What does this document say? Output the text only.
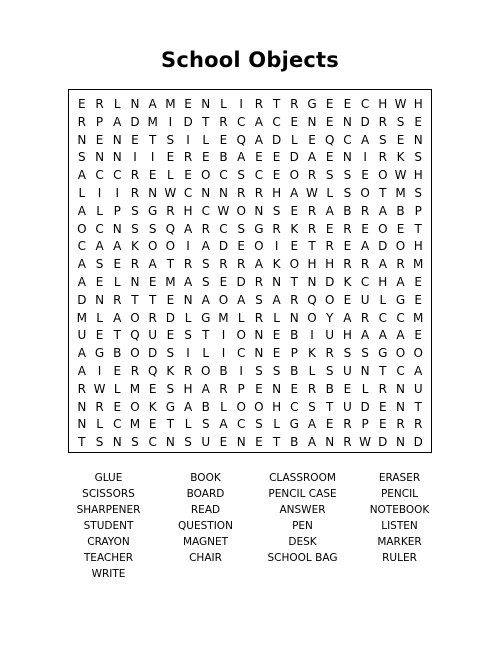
School Objects
E R L N A M E N L	I R T R G E E C H W H
R P A D M I D T R C A C E N E N D R S E
N E N E T S	I	L E Q A D L E Q C A S E N
S N N I	I	E R E B A E E D A E N I R K S
A C C R E L E O C S C E O R S S E O W H
L	I	I R N W C N N R R H A W L S O T M S
A L P S G R H C W O N S E R A B R A B P
O C N S S Q A R C S G R K R E R E O E T
C A A K O O I A D E O I	E T R E A D O H
A S E R A T R S R R A K O H H R R A R M
A E L N E M A S E D R N T N D K C H A E
D N R T T E N A O A S A R Q O E U L G E
M L A O R D L G M L R L N O Y A R C C M
U E T Q U E S T	I O N E B I U H A A A E
A G B O D S	I	L	I C N E P K R S S G O O
A I	E R Q K R O B I	S S B L S U N T C A
R W L M E S H A R P E N E R B E L R N U
N R E O K G A B L O O H C S T U D E N T
N L C M E T L S A C S L G A E R P E R R
T S N S C N S U E N E T B A N R W D N D
GLUE	BOOK	CLASSROOM	ERASER
SCISSORS	BOARD	PENCIL CASE	PENCIL
SHARPENER	READ	ANSWER	NOTEBOOK
STUDENT	QUESTION	PEN	LISTEN
CRAYON	MAGNET	DESK	MARKER
TEACHER	CHAIR	SCHOOL BAG	RULER
WRITE
